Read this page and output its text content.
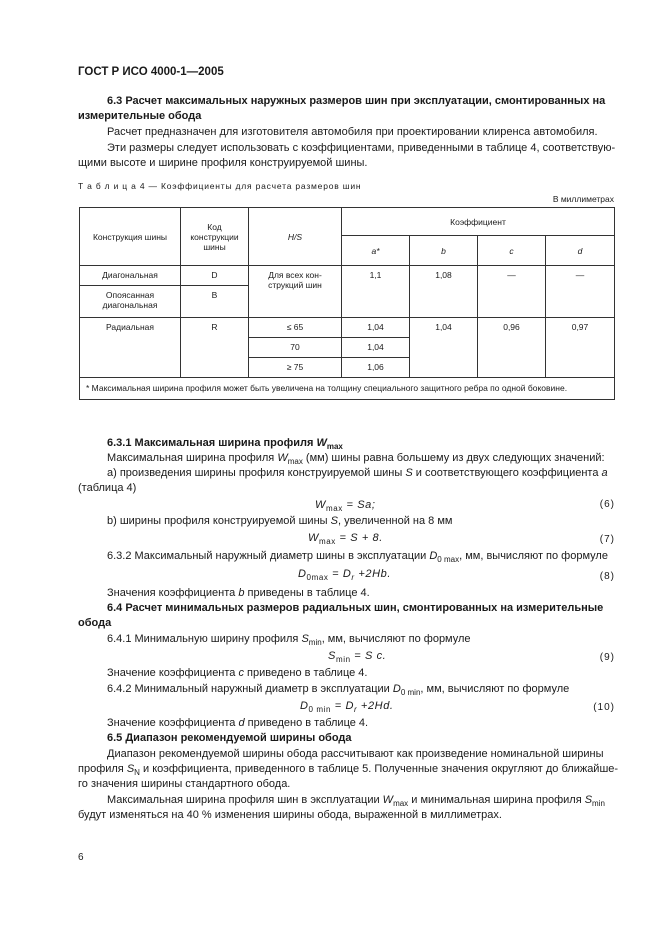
ГОСТ Р ИСО 4000-1—2005
6.3 Расчет максимальных наружных размеров шин при эксплуатации, смонтированных на
измерительные обода
Расчет предназначен для изготовителя автомобиля при проектировании клиренса автомобиля.
Эти размеры следует использовать с коэффициентами, приведенными в таблице 4, соответствую-
щими высоте и ширине профиля конструируемой шины.
Т а б л и ц а 4 — Коэффициенты для расчета размеров шин
В миллиметрах
Конструкция шины	Код конструкции шины	H/S	Коэффициент			
			a*	b	c	d
Диагональная	D	Для всех кон-струкций шин	1,1	1,08	—	—
Опоясанная диагональная	B					
Радиальная	R	≤ 65	1,04	1,04	0,96	0,97
		70	1,04			
		≥ 75	1,06			
* Максимальная ширина профиля может быть увеличена на толщину специального защитного ребра по одной боковине.						
6.3.1 Максимальная ширина профиля $W_{max}$
Максимальная ширина профиля $W_{max}$ (мм) шины равна большему из двух следующих значений:
а) произведения ширины профиля конструируемой шины S и соответствующего коэффициента a
(таблица 4)
$W_{max} = Sa$;	(6)
b) ширины профиля конструируемой шины S, увеличенной на 8 мм
$W_{max} = S + 8$.	(7)
6.3.2 Максимальный наружный диаметр шины в эксплуатации $D_{0 max}$, мм, вычисляют по формуле
$D_{0max} = D_r +2Hb$.	(8)
Значения коэффициента b приведены в таблице 4.
6.4 Расчет минимальных размеров радиальных шин, смонтированных на измерительные
обода
6.4.1 Минимальную ширину профиля $S_{min}$, мм, вычисляют по формуле
$S_{min} = S$ c.	(9)
Значение коэффициента c приведено в таблице 4.
6.4.2 Минимальный наружный диаметр в эксплуатации $D_{0 min}$, мм, вычисляют по формуле
$D_{0 min} = D_r +2Hd$.	(10)
Значение коэффициента d приведено в таблице 4.
6.5 Диапазон рекомендуемой ширины обода
Диапазон рекомендуемой ширины обода рассчитывают как произведение номинальной ширины
профиля $S_N$ и коэффициента, приведенного в таблице 5. Полученные значения округляют до ближайше-
го значения ширины стандартного обода.
Максимальная ширина профиля шин в эксплуатации $W_{max}$ и минимальная ширина профиля $S_{min}$
будут изменяться на 40 % изменения ширины обода, выраженной в миллиметрах.
6
